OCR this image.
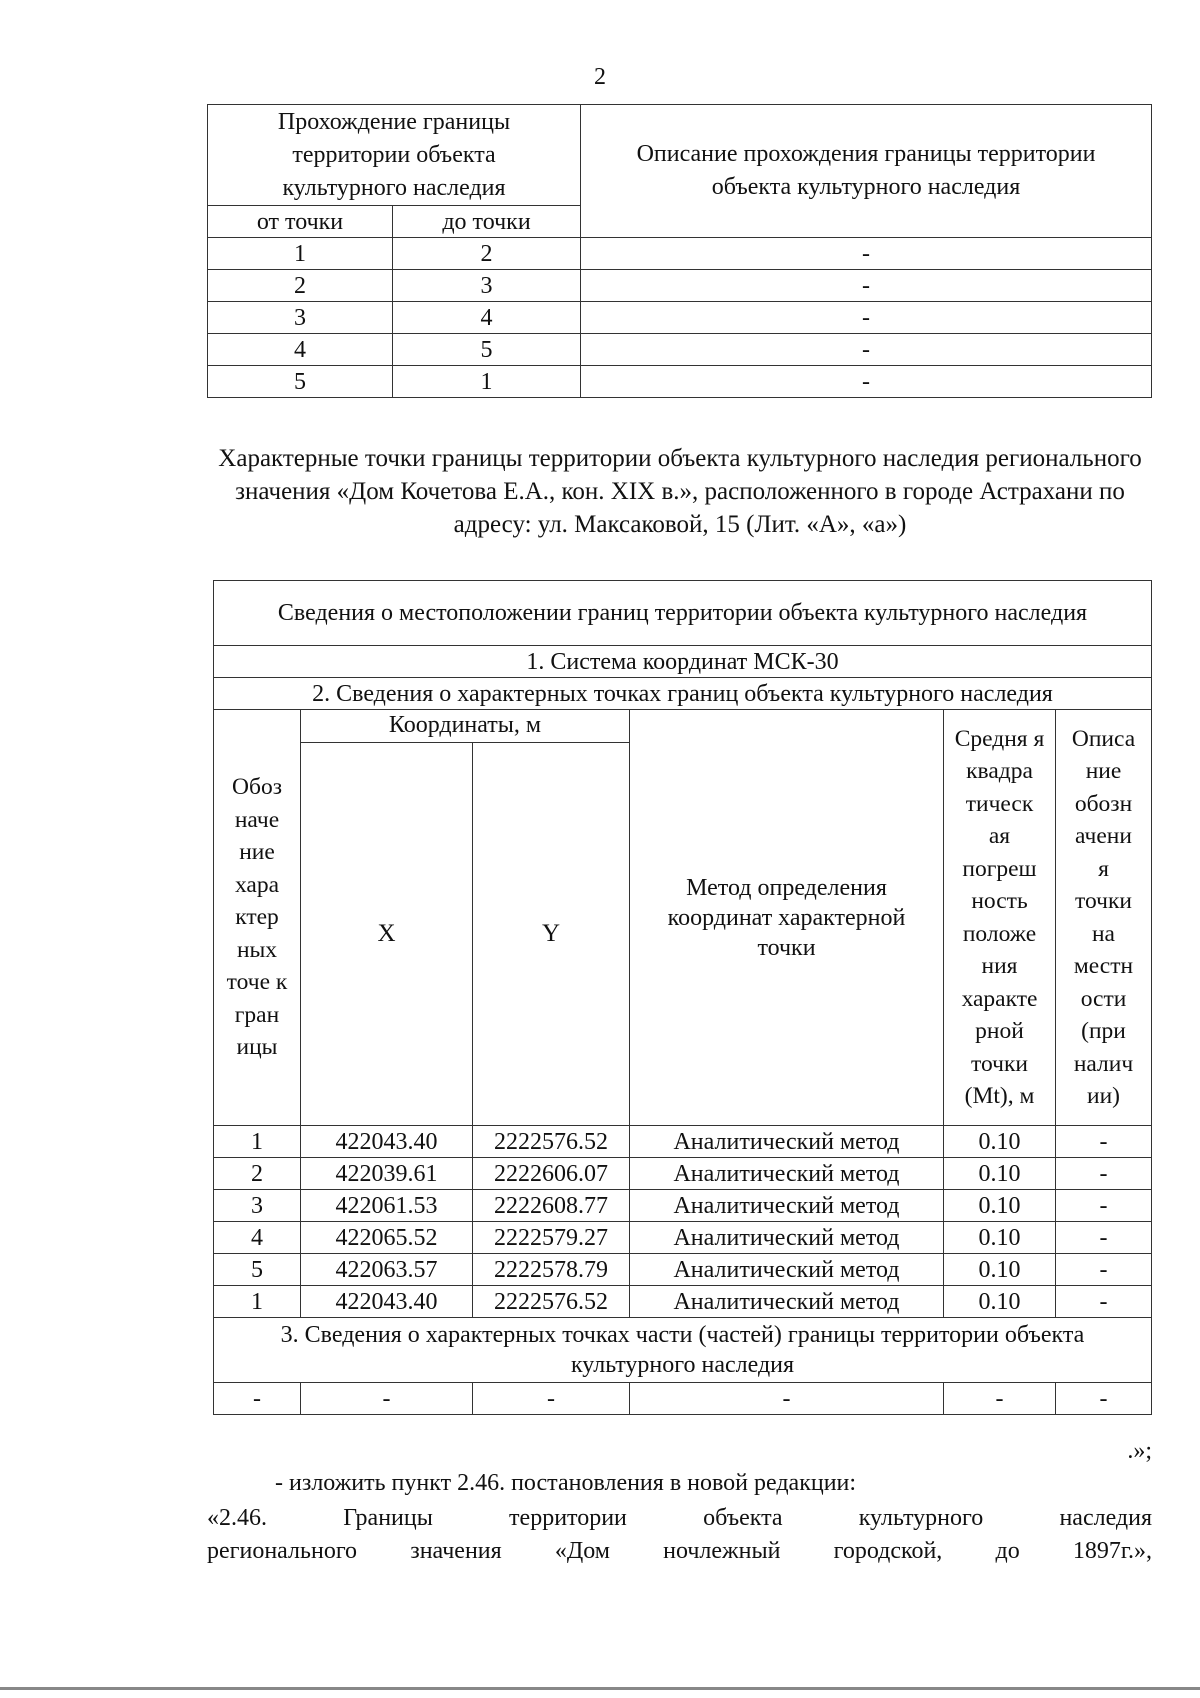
2
Прохождение границы территории объекта культурного наследия		Описание прохождения границы территории объекта культурного наследия
от точки	до точки	
1	2	-
2	3	-
3	4	-
4	5	-
5	1	-
Характерные точки границы территории объекта культурного наследия регионального значения «Дом Кочетова Е.А., кон. XIX в.», расположенного в городе Астрахани по адресу: ул. Максаковой, 15 (Лит. «А», «а»)
Сведения о местоположении границ территории объекта культурного наследия					
1. Система координат МСК-30					
2. Сведения о характерных точках границ объекта культурного наследия					
Обоз наче ние хара ктер ных точе к гран ицы	Координаты, м		Метод определения координат характерной точки	Средня я квадра тическ ая погреш ность положе ния характе рной точки (Mt), м	Описа ние обозн ачени я точки на местн ости (при налич ии)
	X	Y			
1	422043.40	2222576.52	Аналитический метод	0.10	-
2	422039.61	2222606.07	Аналитический метод	0.10	-
3	422061.53	2222608.77	Аналитический метод	0.10	-
4	422065.52	2222579.27	Аналитический метод	0.10	-
5	422063.57	2222578.79	Аналитический метод	0.10	-
1	422043.40	2222576.52	Аналитический метод	0.10	-
3. Сведения о характерных точках части (частей) границы территории объекта культурного наследия					
-	-	-	-	-	-
.»;
- изложить пункт 2.46. постановления в новой редакции:
«2.46. Границы территории объекта культурного наследия
регионального значения «Дом ночлежный городской, до 1897г.»,
